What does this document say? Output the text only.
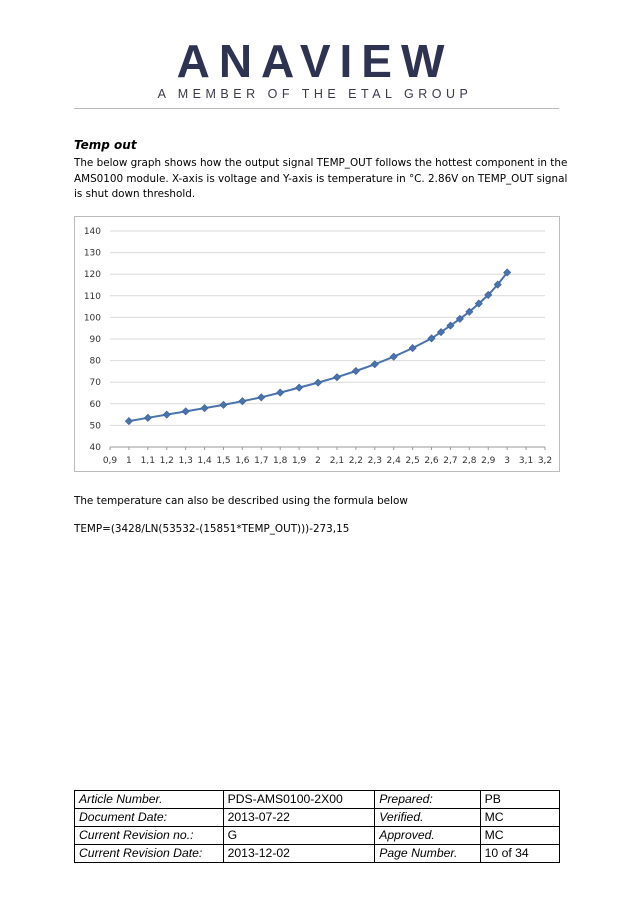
ANAVIEW
A MEMBER OF THE ETAL GROUP
Temp out
The below graph shows how the output signal TEMP_OUT follows the hottest component in the AMS0100 module. X-axis is voltage and Y-axis is temperature in °C. 2.86V on TEMP_OUT signal is shut down threshold.
40
50
60
70
80
90
100
110
120
130
140
0,9 1 1,1 1,2 1,3 1,4 1,5 1,6 1,7 1,8 1,9 2 2,1 2,2 2,3 2,4 2,5 2,6 2,7 2,8 2,9 3 3,1 3,2
The temperature can also be described using the formula below
TEMP=(3428/LN(53532-(15851*TEMP_OUT)))-273,15
Article Number.	PDS-AMS0100-2X00	Prepared:	PB
Document Date:	2013-07-22	Verified.	MC
Current Revision no.:	G	Approved.	MC
Current Revision Date:	2013-12-02	Page Number.	10 of 34
